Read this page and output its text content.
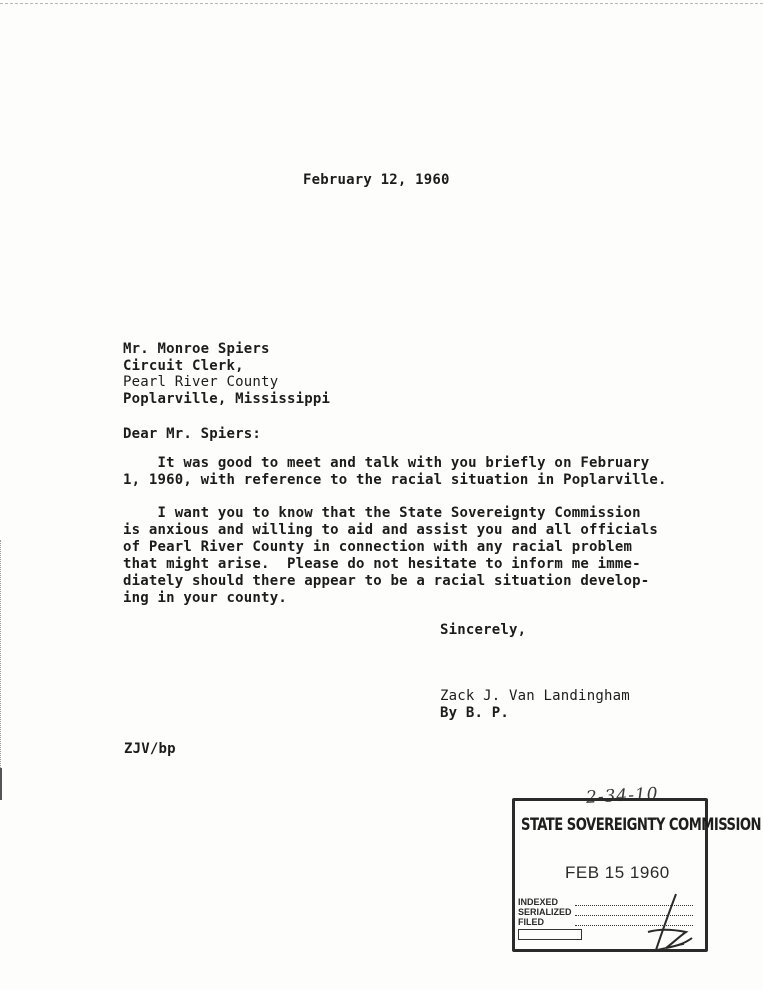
February 12, 1960
Mr. Monroe Spiers
Circuit Clerk,
Pearl River County
Poplarville, Mississippi
Dear Mr. Spiers:
It was good to meet and talk with you briefly on February
1, 1960, with reference to the racial situation in Poplarville.
I want you to know that the State Sovereignty Commission
is anxious and willing to aid and assist you and all officials
of Pearl River County in connection with any racial problem
that might arise.  Please do not hesitate to inform me imme-
diately should there appear to be a racial situation develop-
ing in your county.
Sincerely,
Zack J. Van Landingham
By B. P.
ZJV/bp
2-34-10
STATE SOVEREIGNTY COMMISSION
FEB 15 1960
INDEXED
SERIALIZED
FILED
